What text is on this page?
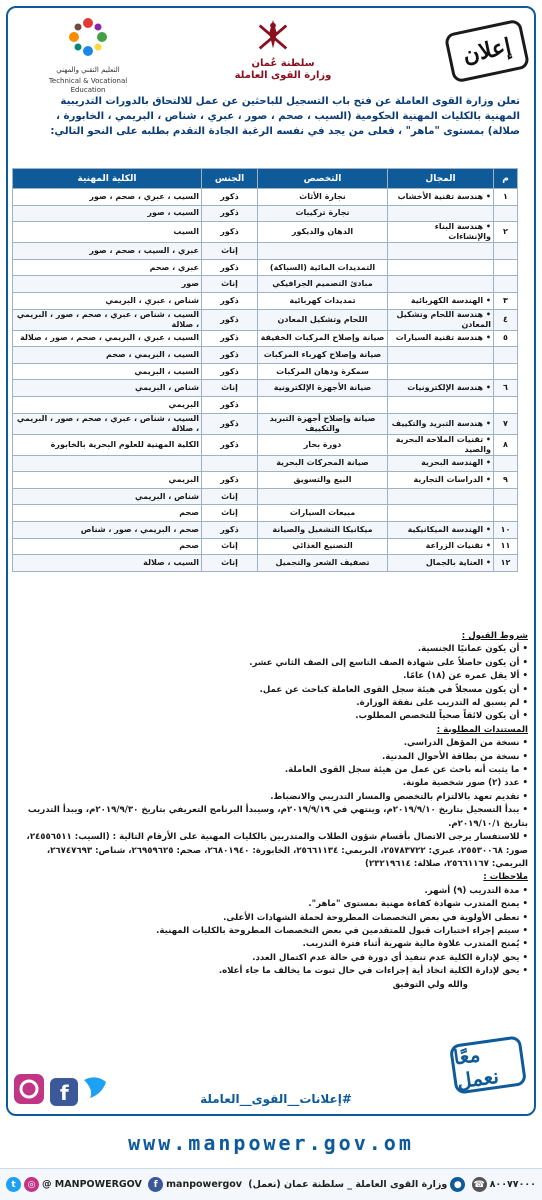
إعلان
سلطنة عُمان
وزارة القوى العاملة
التعليم التقني والمهني
Technical & Vocational Education
تعلن وزارة القوى العاملة عن فتح باب التسجيل للباحثين عن عمل للالتحاق بالدورات التدريبية المهنية بالكليات المهنية الحكومية (السيب ، صحم ، صور ، عبري ، شناص ، البريمي ، الخابورة ، صلالة) بمستوى "ماهر" ، فعلى من يجد في نفسه الرغبة الجادة التقدم بطلبه على النحو التالي:
م	المجال	التخصص	الجنس	الكلية المهنية
١	• هندسة تقنية الأخشاب	نجارة الأثاث	ذكور	السيب ، عبري ، صحم ، صور
		نجارة تركيبات	ذكور	السيب ، صور
٢	• هندسة البناء والإنشاءات	الدهان والديكور	ذكور	السيب
			إناث	عبري ، السيب ، صحم ، صور
		التمديدات المائية (السباكة)	ذكور	عبري ، صحم
		مبادئ التصميم الجرافيكي	إناث	صور
٣	• الهندسة الكهربائية	تمديدات كهربائية	ذكور	شناص ، عبري ، البريمي
٤	• هندسة اللحام وتشكيل المعادن	اللحام وتشكيل المعادن	ذكور	السيب ، شناص ، عبري ، صحم ، صور ، البريمي ، صلالة
٥	• هندسة تقنية السيارات	صيانة وإصلاح المركبات الخفيفة	ذكور	السيب ، عبري ، البريمي ، صحم ، صور ، صلالة
		صيانة وإصلاح كهرباء المركبات	ذكور	السيب ، البريمي ، صحم
		سمكرة ودهان المركبات	ذكور	السيب ، البريمي
٦	• هندسة الإلكترونيات	صيانة الأجهزة الإلكترونية	إناث	شناص ، البريمي
			ذكور	البريمي
٧	• هندسة التبريد والتكييف	صيانة وإصلاح أجهزة التبريد والتكييف	ذكور	السيب ، شناص ، عبري ، صحم ، صور ، البريمي ، صلالة
٨	• تقنيات الملاحة البحرية والصيد	دورة بحار	ذكور	الكلية المهنية للعلوم البحرية بالخابورة
	• الهندسة البحرية	صيانة المحركات البحرية		
٩	• الدراسات التجارية	البيع والتسويق	ذكور	البريمي
			إناث	شناص ، البريمي
		مبيعات السيارات	إناث	صحم
١٠	• الهندسة الميكانيكية	ميكانيكا التشغيل والصيانة	ذكور	صحم ، البريمي ، صور ، شناص
١١	• تقنيات الزراعة	التصنيع الغذائي	إناث	صحم
١٢	• العناية بالجمال	تصفيف الشعر والتجميل	إناث	السيب ، صلالة
شروط القبول :
• أن يكون عمانيًا الجنسية.
• أن يكون حاصلاً على شهادة الصف التاسع إلى الصف الثاني عشر.
• ألا يقل عمره عن (١٨) عامًا.
• أن يكون مسجلاً في هيئة سجل القوى العاملة كباحث عن عمل.
• لم يسبق له التدريب على نفقة الوزارة.
• أن يكون لائقاً صحياً للتخصص المطلوب.
المستندات المطلوبة :
• نسخة من المؤهل الدراسي.
• نسخة من بطاقة الأحوال المدنية.
• ما يثبت أنه باحث عن عمل من هيئة سجل القوى العاملة.
• عدد (٢) صور شخصية ملونة.
• تقديم تعهد بالالتزام بالتخصص والمسار التدريبي والانضباط.
• يبدأ التسجيل بتاريخ ٢٠١٩/٩/١٠م، وينتهي في ٢٠١٩/٩/١٩م، وسيبدأ البرنامج التعريفي بتاريخ ٢٠١٩/٩/٣٠م، ويبدأ التدريب بتاريخ ٢٠١٩/١٠/١م.
• للاستفسار يرجى الاتصال بأقسام شؤون الطلاب والمتدربين بالكليات المهنية على الأرقام التالية : (السيب: ٢٤٥٥٦٥١١، صور: ٢٥٥٣٠٠٦٨، عبري: ٢٥٧٨٣٧٢٢، البريمي: ٢٥٦٦١١٣٤، الخابورة: ٢٦٨٠١٩٤٠، صحم: ٢٦٩٥٩٦٢٥، شناص: ٢٦٧٤٧٦٩٣، البريمي: ٢٥٦٦١١٦٧، صلالة: ٢٣٢١٩٦١٤)
ملاحظات :
• مدة التدريب (٩) أشهر.
• يمنح المتدرب شهادة كفاءة مهنية بمستوى "ماهر".
• تعطى الأولوية في بعض التخصصات المطروحة لحملة الشهادات الأعلى.
• سيتم إجراء اختبارات قبول للمتقدمين في بعض التخصصات المطروحة بالكليات المهنية.
• يُمنح المتدرب علاوة مالية شهرية أثناء فترة التدريب.
• يحق لإدارة الكلية عدم تنفيذ أي دورة في حالة عدم اكتمال العدد.
• يحق لإدارة الكلية اتخاذ أية إجراءات في حال ثبوت ما يخالف ما جاء أعلاه.
والله ولي التوفيق
f	#إعلانات__القوى__العاملة
معًا نعمل
www.manpower.gov.om
t	◎ @ MANPOWERGOV	f manpowergov	●
وزارة القوى العاملة _ سلطنة عمان (نعمل)	☎ ٨٠٠٧٧٠٠٠
